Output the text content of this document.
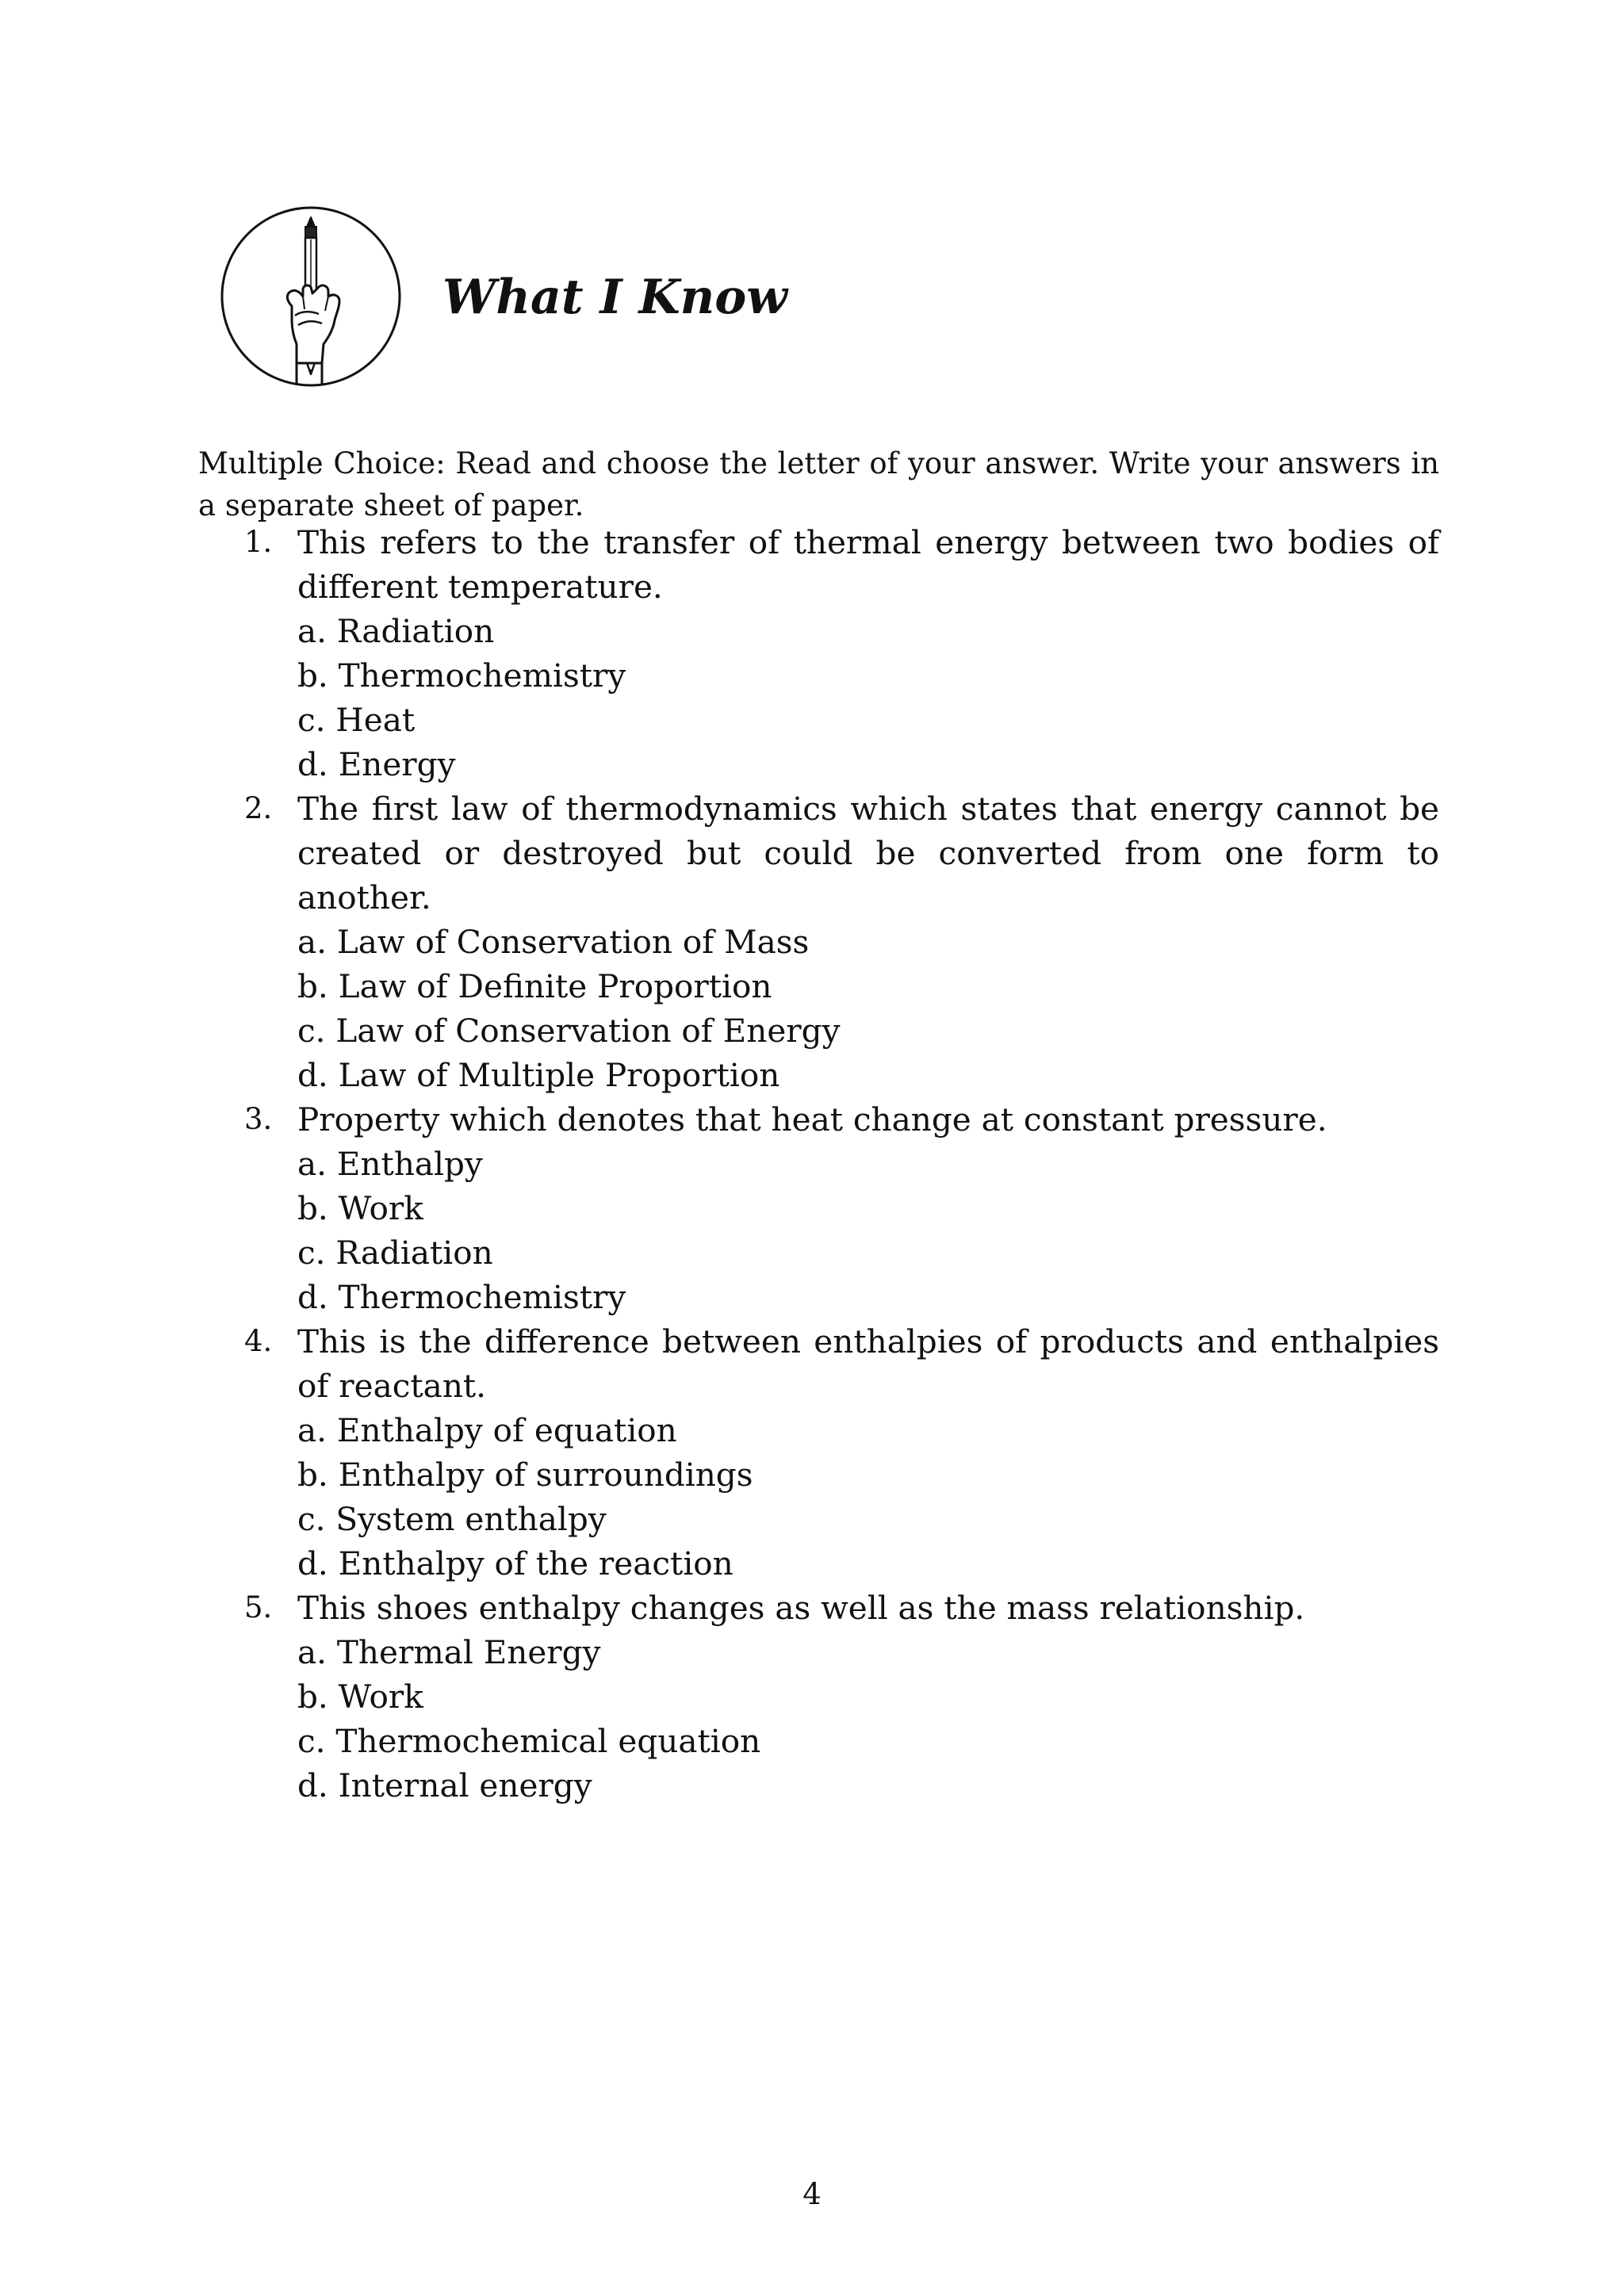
What I Know

Multiple Choice: Read and choose the letter of your answer. Write your answers in a separate sheet of paper.

1. This refers to the transfer of thermal energy between two bodies of different temperature.
a. Radiation
b. Thermochemistry
c. Heat
d. Energy
2. The first law of thermodynamics which states that energy cannot be created or destroyed but could be converted from one form to another.
a. Law of Conservation of Mass
b. Law of Definite Proportion
c. Law of Conservation of Energy
d. Law of Multiple Proportion
3. Property which denotes that heat change at constant pressure.
a. Enthalpy
b. Work
c. Radiation
d. Thermochemistry
4. This is the difference between enthalpies of products and enthalpies of reactant.
a. Enthalpy of equation
b. Enthalpy of surroundings
c. System enthalpy
d. Enthalpy of the reaction
5. This shoes enthalpy changes as well as the mass relationship.
a. Thermal Energy
b. Work
c. Thermochemical equation
d. Internal energy
4
